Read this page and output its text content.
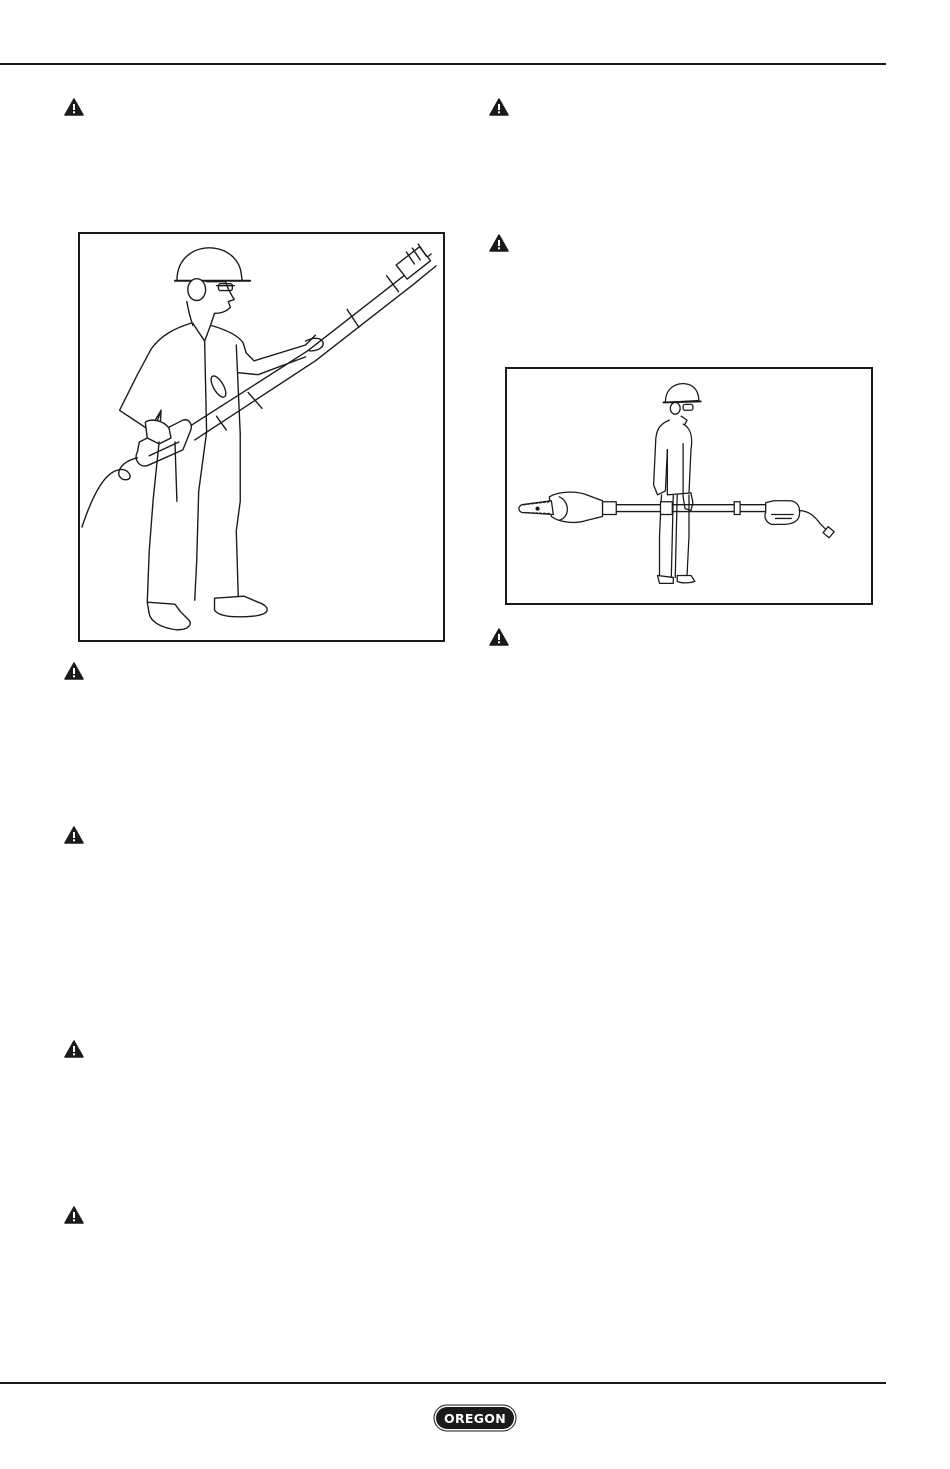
OREGON
